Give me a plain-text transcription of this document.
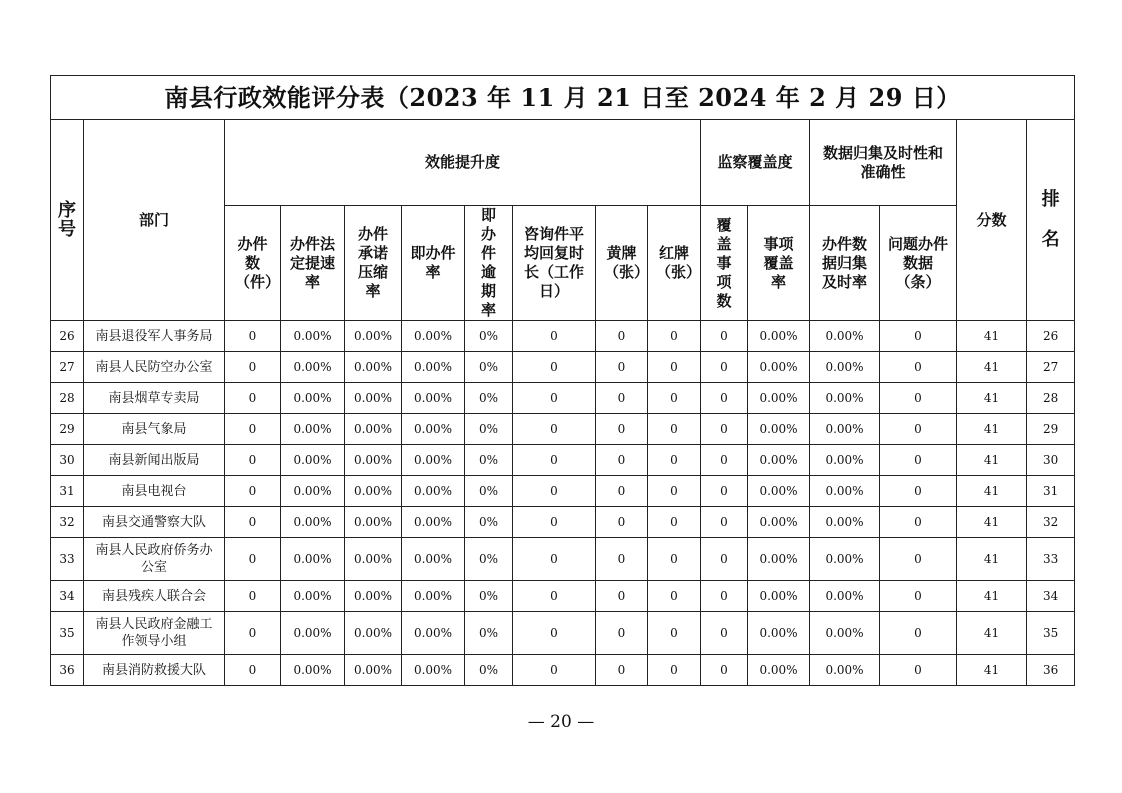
南县行政效能评分表（2023 年 11 月 21 日至 2024 年 2 月 29 日）															
序号	部门	效能提升度								监察覆盖度		数据归集及时性和准确性		分数	排名
		办件数（件）	办件法定提速率	办件承诺压缩率	即办件率	即办件逾期率	咨询件平均回复时长（工作日）	黄牌（张）	红牌（张）	覆盖事项数	事项覆盖率	办件数据归集及时率	问题办件数据（条）		
26	南县退役军人事务局	0	0.00%	0.00%	0.00%	0%	0	0	0	0	0.00%	0.00%	0	41	26
27	南县人民防空办公室	0	0.00%	0.00%	0.00%	0%	0	0	0	0	0.00%	0.00%	0	41	27
28	南县烟草专卖局	0	0.00%	0.00%	0.00%	0%	0	0	0	0	0.00%	0.00%	0	41	28
29	南县气象局	0	0.00%	0.00%	0.00%	0%	0	0	0	0	0.00%	0.00%	0	41	29
30	南县新闻出版局	0	0.00%	0.00%	0.00%	0%	0	0	0	0	0.00%	0.00%	0	41	30
31	南县电视台	0	0.00%	0.00%	0.00%	0%	0	0	0	0	0.00%	0.00%	0	41	31
32	南县交通警察大队	0	0.00%	0.00%	0.00%	0%	0	0	0	0	0.00%	0.00%	0	41	32
33	南县人民政府侨务办公室	0	0.00%	0.00%	0.00%	0%	0	0	0	0	0.00%	0.00%	0	41	33
34	南县残疾人联合会	0	0.00%	0.00%	0.00%	0%	0	0	0	0	0.00%	0.00%	0	41	34
35	南县人民政府金融工作领导小组	0	0.00%	0.00%	0.00%	0%	0	0	0	0	0.00%	0.00%	0	41	35
36	南县消防救援大队	0	0.00%	0.00%	0.00%	0%	0	0	0	0	0.00%	0.00%	0	41	36
— 20 —
